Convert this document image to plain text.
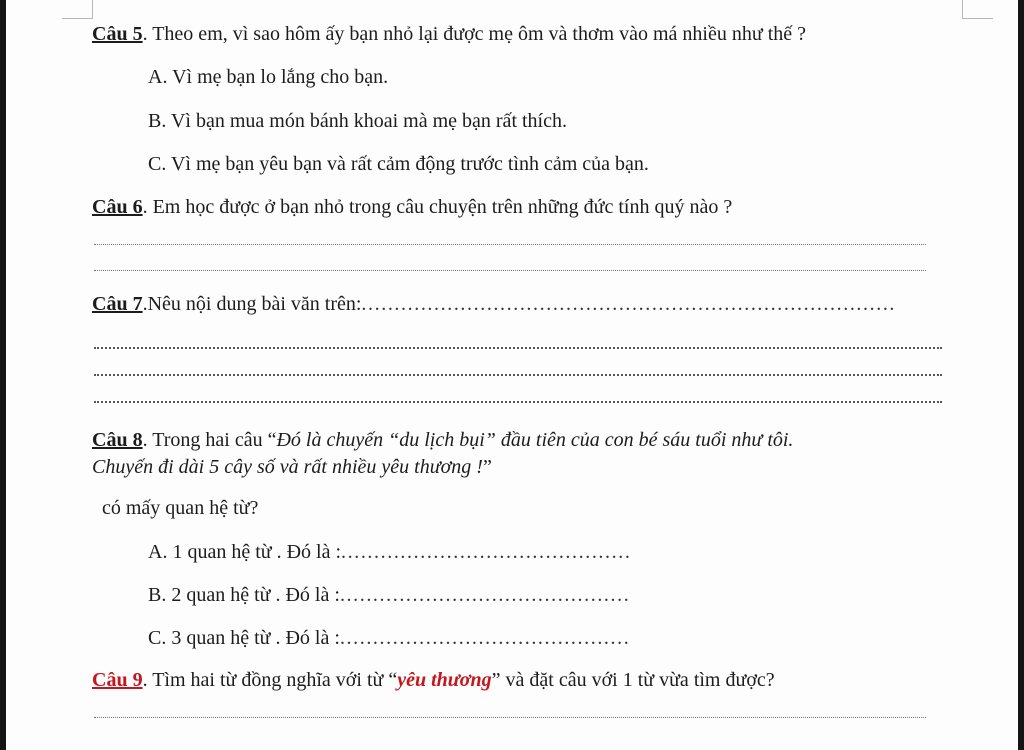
Câu 5. Theo em, vì sao hôm ấy bạn nhỏ lại được mẹ ôm và thơm vào má nhiều như thế ?
A. Vì mẹ bạn lo lắng cho bạn.
B. Vì bạn mua món bánh khoai mà mẹ bạn rất thích.
C. Vì mẹ bạn yêu bạn và rất cảm động trước tình cảm của bạn.
Câu 6. Em học được ở bạn nhỏ trong câu chuyện trên những đức tính quý nào ?
Câu 7.Nêu nội dung bài văn trên:.................................................................................
Câu 8. Trong hai câu “Đó là chuyến “du lịch bụi” đầu tiên của con bé sáu tuổi như tôi.
Chuyến đi dài 5 cây số và rất nhiều yêu thương !”
có mấy quan hệ từ?
A. 1 quan hệ từ . Đó là :............................................
B. 2 quan hệ từ . Đó là :............................................
C. 3 quan hệ từ . Đó là :............................................
Câu 9. Tìm hai từ đồng nghĩa với từ “yêu thương” và đặt câu với 1 từ vừa tìm được?
